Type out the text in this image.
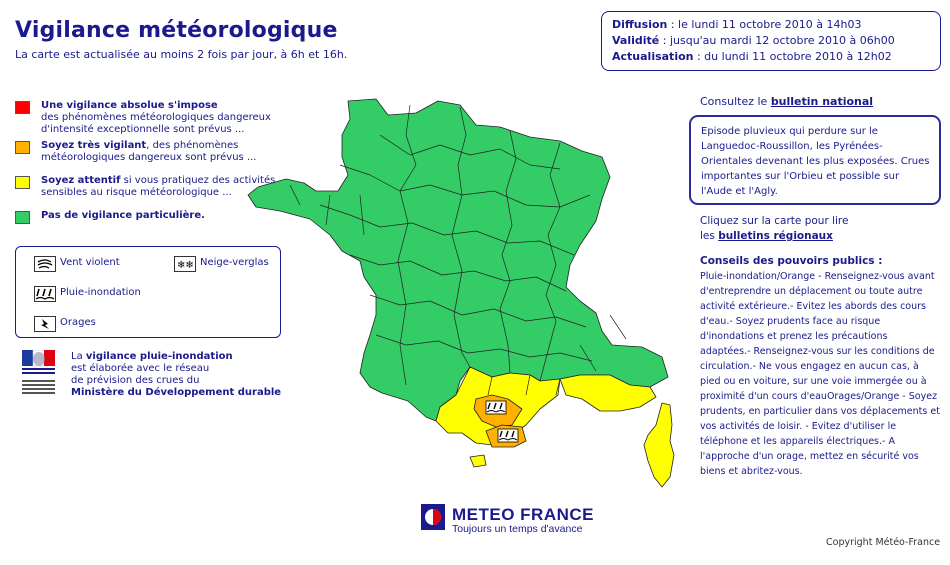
Vigilance météorologique
La carte est actualisée au moins 2 fois par jour, à 6h et 16h.
Diffusion : le lundi 11 octobre 2010 à 14h03
Validité : jusqu'au mardi 12 octobre 2010 à 06h00
Actualisation : du lundi 11 octobre 2010 à 12h02
Une vigilance absolue s'impose
des phénomènes météorologiques dangereux d'intensité exceptionnelle sont prévus ...
Soyez très vigilant, des phénomènes météorologiques dangereux sont prévus ...
Soyez attentif si vous pratiquez des activités sensibles au risque météorologique ...
Pas de vigilance particulière.
Vent violent	❄❄ Neige-verglas
Pluie-inondation
Orages
La vigilance pluie-inondation
est élaborée avec le réseau
de prévision des crues du
Ministère du Développement durable
Consultez le bulletin national
Episode pluvieux qui perdure sur le Languedoc-Roussillon, les Pyrénées-Orientales devenant les plus exposées. Crues importantes sur l'Orbieu et possible sur l'Aude et l'Agly.
Cliquez sur la carte pour lire
les bulletins régionaux
Conseils des pouvoirs publics :
Pluie-inondation/Orange - Renseignez-vous avant d'entreprendre un déplacement ou toute autre activité extérieure.- Evitez les abords des cours d'eau.- Soyez prudents face au risque d'inondations et prenez les précautions adaptées.- Renseignez-vous sur les conditions de circulation.- Ne vous engagez en aucun cas, à pied ou en voiture, sur une voie immergée ou à proximité d'un cours d'eauOrages/Orange - Soyez prudents, en particulier dans vos déplacements et vos activités de loisir. - Evitez d'utiliser le téléphone et les appareils électriques.- A l'approche d'un orage, mettez en sécurité vos biens et abritez-vous.
METEO FRANCE
Toujours un temps d'avance
Copyright Météo-France
